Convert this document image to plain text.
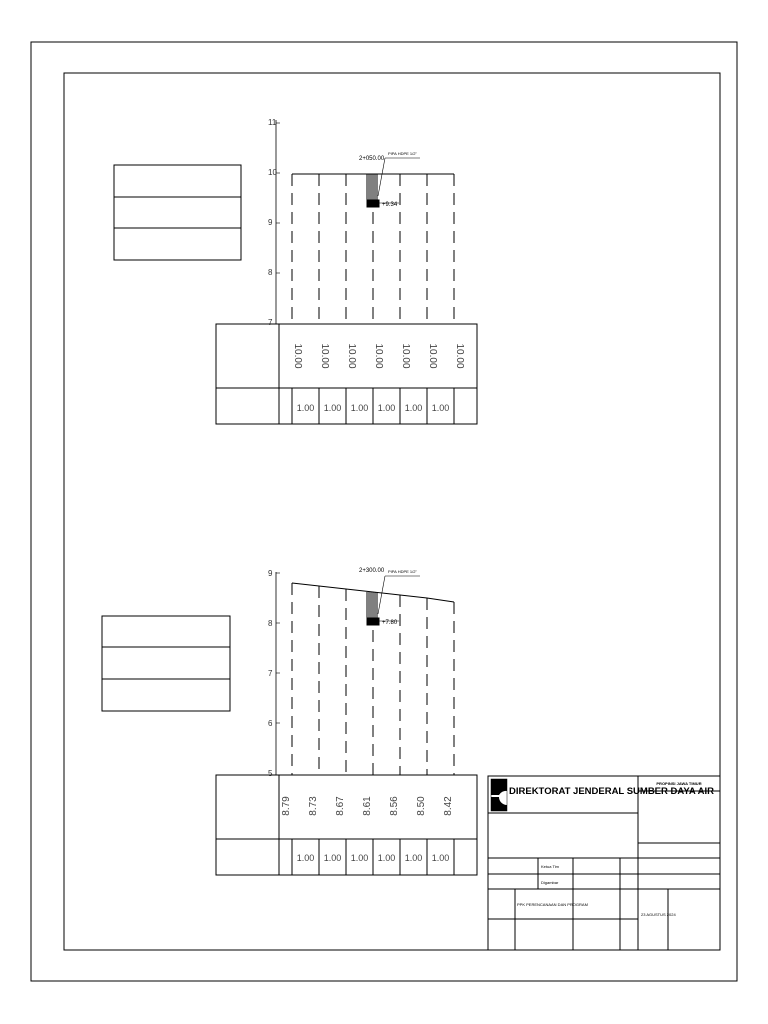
11
10
9
8
7
2+050.00
PIPA HDPE 1/2"
+9.34
10.00 10.00 10.00 10.00 10.00 10.00 10.00
1.00 1.00 1.00 1.00 1.00 1.00
9
8
7
6
5
2+300.00 PIPA HDPE 1/2"
+7.80
8.79 8.73 8.67 8.61 8.56 8.50 8.42
1.00 1.00 1.00 1.00 1.00 1.00
DIREKTORAT JENDERAL SUMBER DAYA AIR
PROPINSI JAWA TIMUR
Ketua Tim
Digambar
PPK PERENCANAAN DAN PROGRAM
23 AGUSTUS 2024
